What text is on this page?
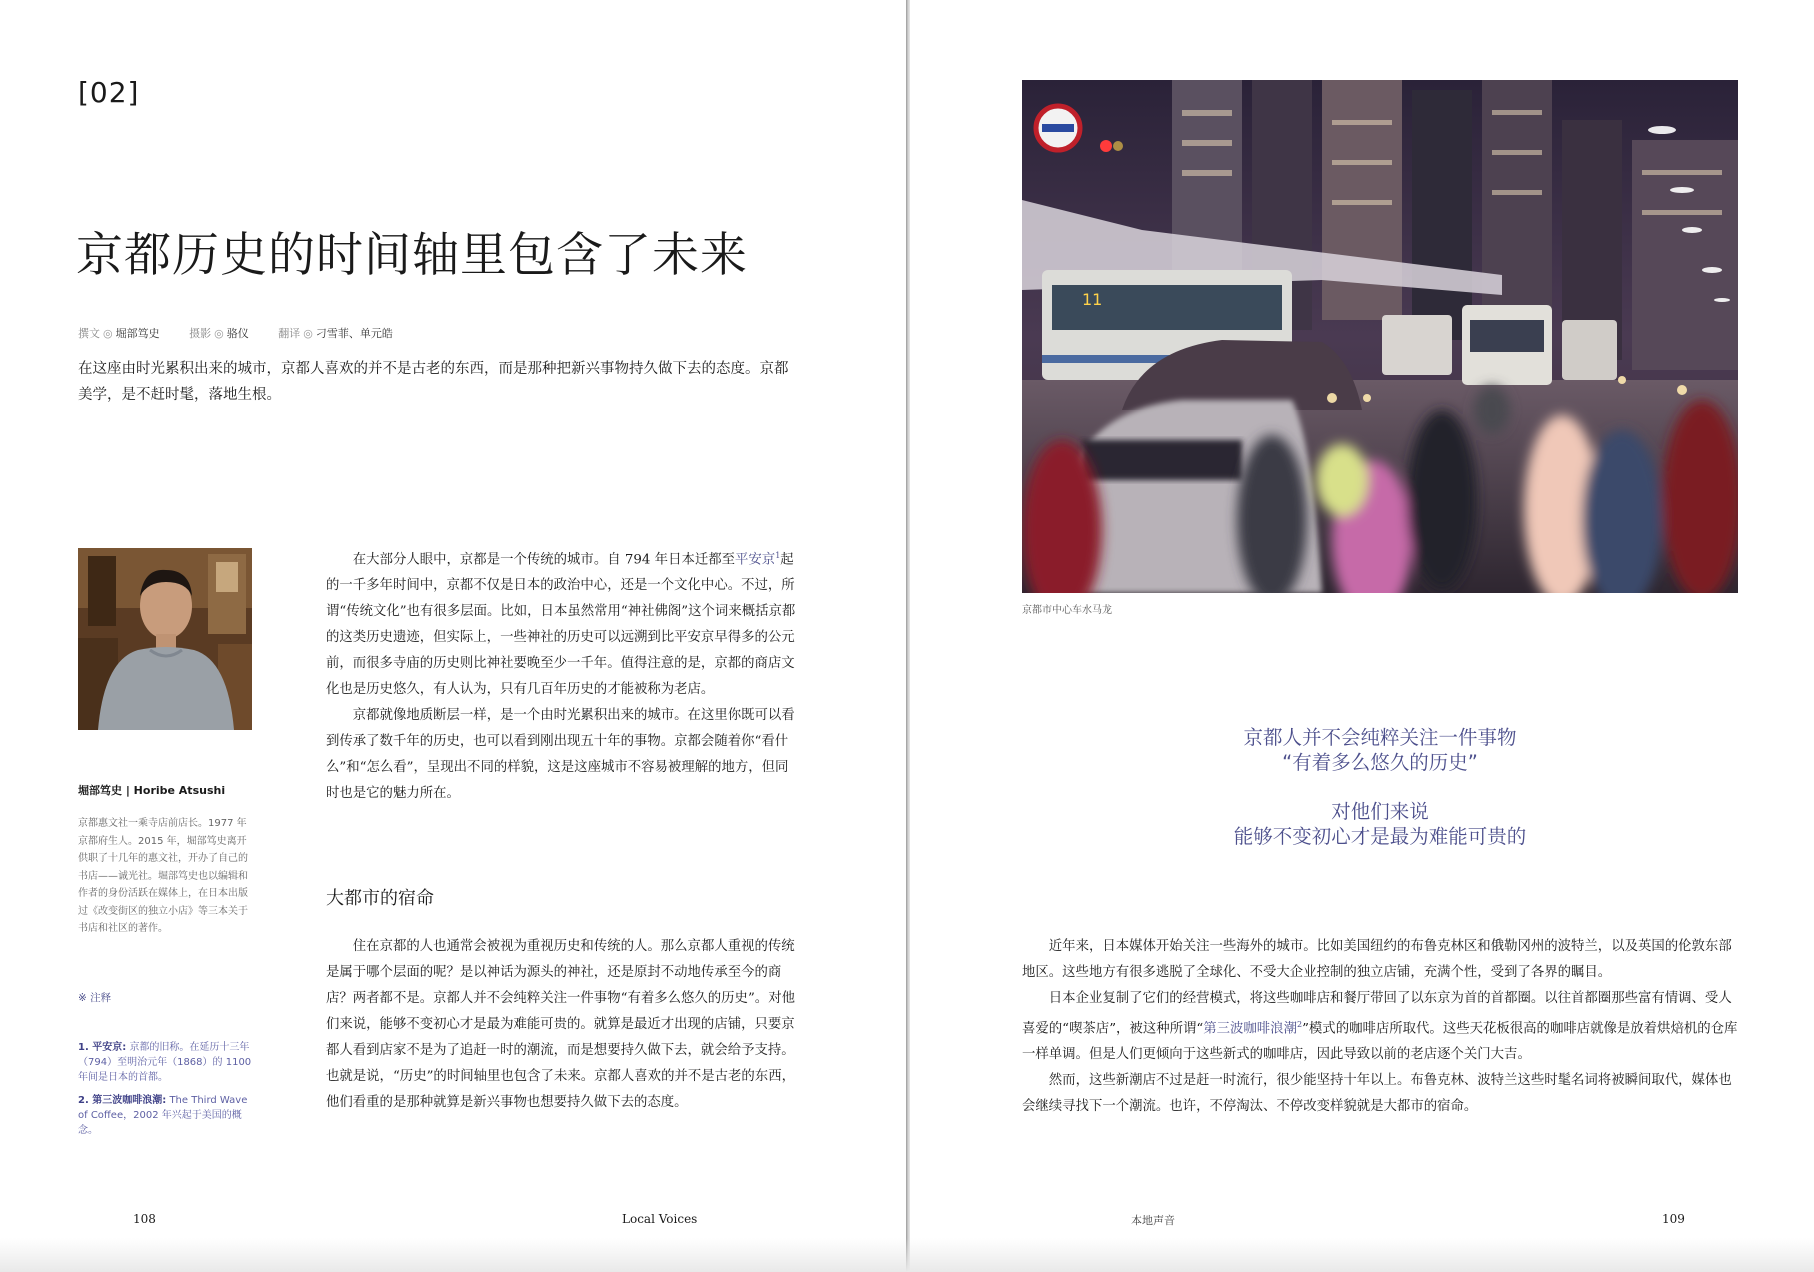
[02]
京都历史的时间轴里包含了未来
撰文 ◎ 堀部笃史	摄影 ◎ 骆仪	翻译 ◎ 刁雪菲、单元皓
在这座由时光累积出来的城市，京都人喜欢的并不是古老的东西，而是那种把新兴事物持久做下去的态度。京都美学，是不赶时髦，落地生根。
堀部笃史 | Horibe Atsushi
京都惠文社一乘寺店前店长。1977 年京都府生人。2015 年，堀部笃史离开供职了十几年的惠文社，开办了自己的书店——诚光社。堀部笃史也以编辑和作者的身份活跃在媒体上，在日本出版过《改变街区的独立小店》等三本关于书店和社区的著作。
※ 注释

1. 平安京: 京都的旧称。在延历十三年（794）至明治元年（1868）的 1100 年间是日本的首都。

2. 第三波咖啡浪潮: The Third Wave of Coffee，2002 年兴起于美国的概念。

在大部分人眼中，京都是一个传统的城市。自 794 年日本迁都至平安京$^1$起的一千多年时间中，京都不仅是日本的政治中心，还是一个文化中心。不过，所谓“传统文化”也有很多层面。比如，日本虽然常用“神社佛阁”这个词来概括京都的这类历史遗迹，但实际上，一些神社的历史可以远溯到比平安京早得多的公元前，而很多寺庙的历史则比神社要晚至少一千年。值得注意的是，京都的商店文化也是历史悠久，有人认为，只有几百年历史的才能被称为老店。

京都就像地质断层一样，是一个由时光累积出来的城市。在这里你既可以看到传承了数千年的历史，也可以看到刚出现五十年的事物。京都会随着你“看什么”和“怎么看”，呈现出不同的样貌，这是这座城市不容易被理解的地方，但同时也是它的魅力所在。

大都市的宿命

住在京都的人也通常会被视为重视历史和传统的人。那么京都人重视的传统是属于哪个层面的呢？是以神话为源头的神社，还是原封不动地传承至今的商店？两者都不是。京都人并不会纯粹关注一件事物“有着多么悠久的历史”。对他们来说，能够不变初心才是最为难能可贵的。就算是最近才出现的店铺，只要京都人看到店家不是为了追赶一时的潮流，而是想要持久做下去，就会给予支持。也就是说，“历史”的时间轴里也包含了未来。京都人喜欢的并不是古老的东西，他们看重的是那种就算是新兴事物也想要持久做下去的态度。

108	Local Voices
11
京都市中心车水马龙
京都人并不会纯粹关注一件事物
“有着多么悠久的历史”
对他们来说
能够不变初心才是最为难能可贵的

近年来，日本媒体开始关注一些海外的城市。比如美国纽约的布鲁克林区和俄勒冈州的波特兰，以及英国的伦敦东部地区。这些地方有很多逃脱了全球化、不受大企业控制的独立店铺，充满个性，受到了各界的瞩目。

日本企业复制了它们的经营模式，将这些咖啡店和餐厅带回了以东京为首的首都圈。以往首都圈那些富有情调、受人喜爱的“喫茶店”，被这种所谓“第三波咖啡浪潮$^2$”模式的咖啡店所取代。这些天花板很高的咖啡店就像是放着烘焙机的仓库一样单调。但是人们更倾向于这些新式的咖啡店，因此导致以前的老店逐个关门大吉。

然而，这些新潮店不过是赶一时流行，很少能坚持十年以上。布鲁克林、波特兰这些时髦名词将被瞬间取代，媒体也会继续寻找下一个潮流。也许，不停淘汰、不停改变样貌就是大都市的宿命。

本地声音	109
